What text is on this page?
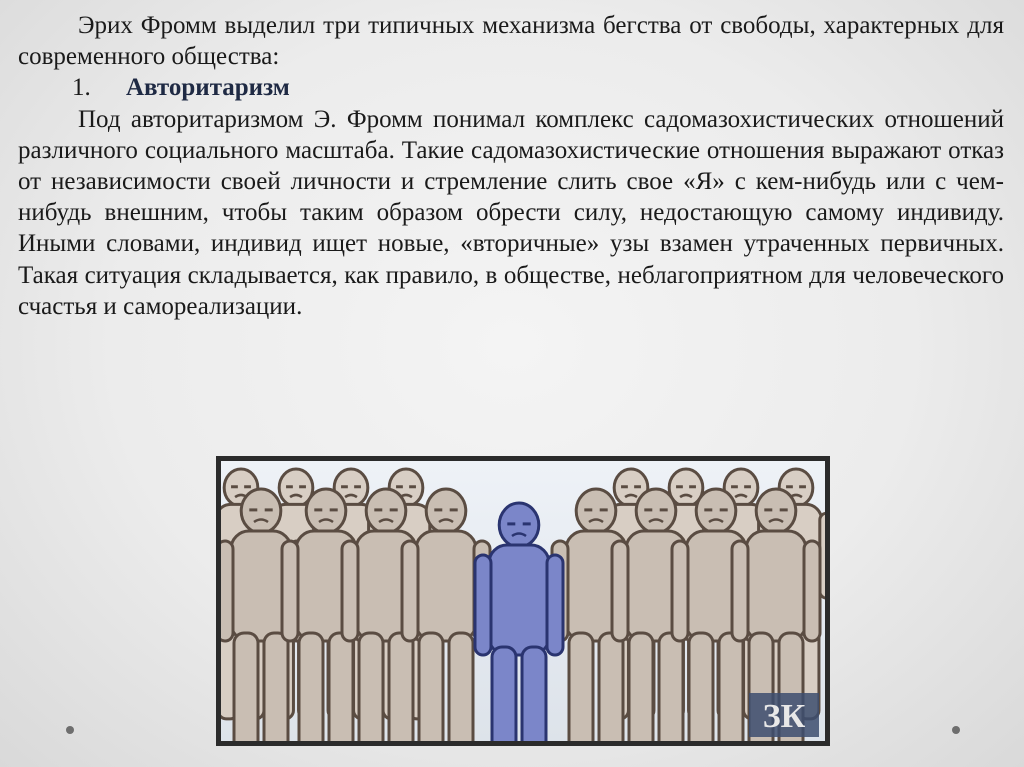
Эрих Фромм выделил три типичных механизма бегства от свободы, характерных для современного общества:

1. Авторитаризм

Под авторитаризмом Э. Фромм понимал комплекс садомазохистических отношений различного социального масштаба. Такие садомазохистические отношения выражают отказ от независимости своей личности и стремление слить свое «Я» с кем-нибудь или с чем-нибудь внешним, чтобы таким образом обрести силу, недостающую самому индивиду. Иными словами, индивид ищет новые, «вторичные» узы взамен утраченных первичных. Такая ситуация складывается, как правило, в обществе, неблагоприятном для человеческого счастья и самореализации.

ЗК
